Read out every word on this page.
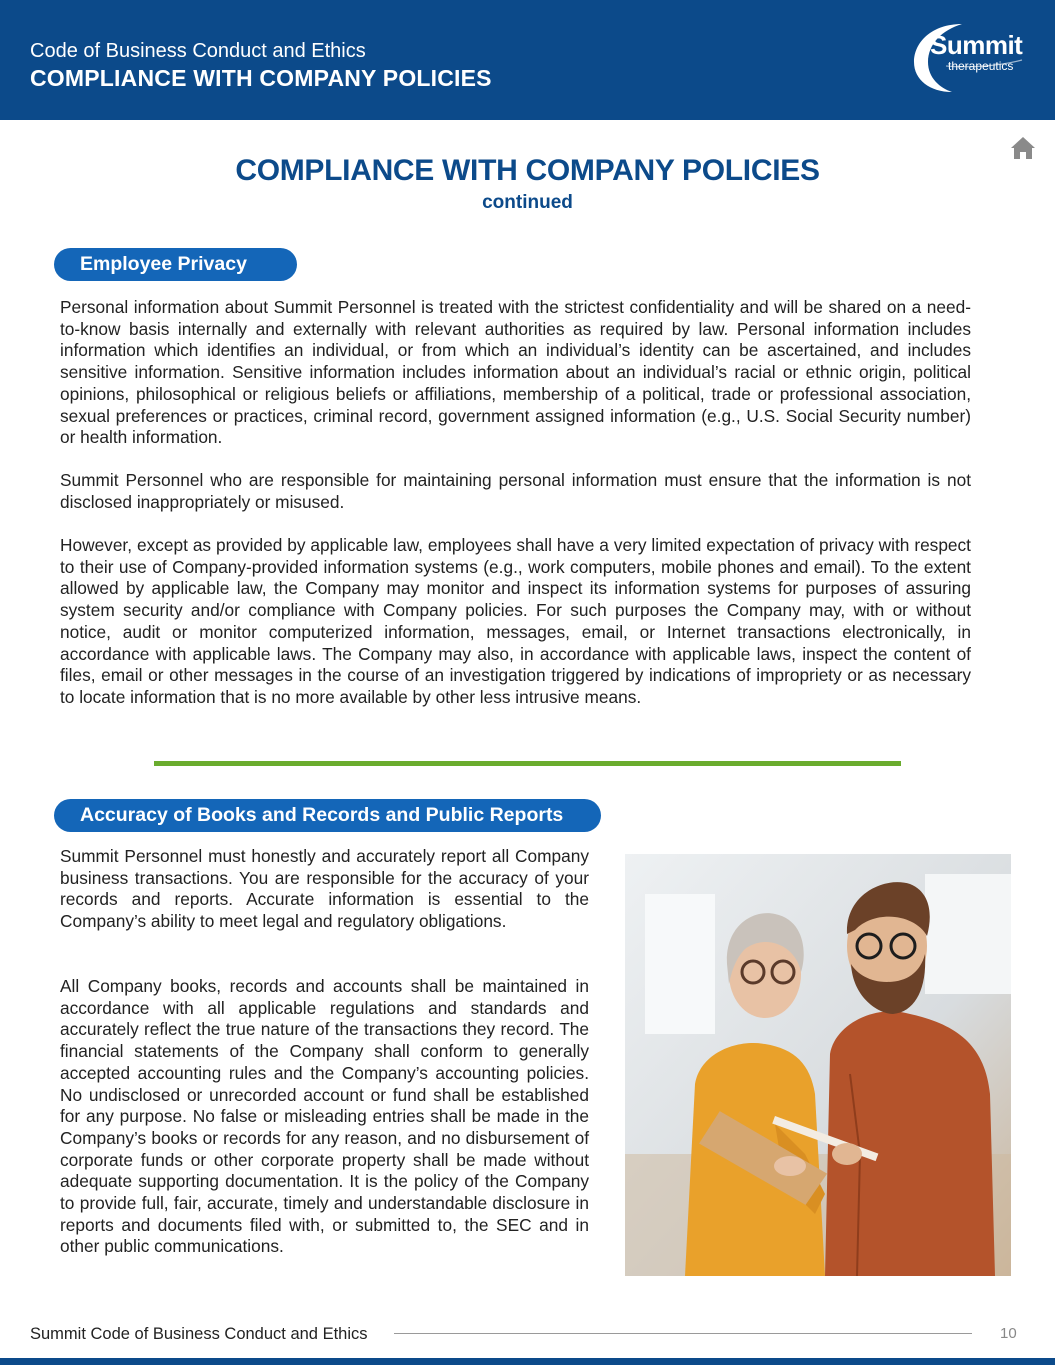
Code of Business Conduct and Ethics
COMPLIANCE WITH COMPANY POLICIES
Summit
therapeutics
COMPLIANCE WITH COMPANY POLICIES
continued
Employee Privacy

Personal information about Summit Personnel is treated with the strictest confidentiality and will be shared on a need-to-know basis internally and externally with relevant authorities as required by law. Personal information includes information which identifies an individual, or from which an individual’s identity can be ascertained, and includes sensitive information. Sensitive information includes information about an individual’s racial or ethnic origin, political opinions, philosophical or religious beliefs or affiliations, membership of a political, trade or professional association, sexual preferences or practices, criminal record, government assigned information (e.g., U.S. Social Security number) or health information.

Summit Personnel who are responsible for maintaining personal information must ensure that the information is not disclosed inappropriately or misused.

However, except as provided by applicable law, employees shall have a very limited expectation of privacy with respect to their use of Company-provided information systems (e.g., work computers, mobile phones and email). To the extent allowed by applicable law, the Company may monitor and inspect its information systems for purposes of assuring system security and/or compliance with Company policies. For such purposes the Company may, with or without notice, audit or monitor computerized information, messages, email, or Internet transactions electronically, in accordance with applicable laws. The Company may also, in accordance with applicable laws, inspect the content of files, email or other messages in the course of an investigation triggered by indications of impropriety or as necessary to locate information that is no more available by other less intrusive means.

Accuracy of Books and Records and Public Reports

Summit Personnel must honestly and accurately report all Company business transactions. You are responsible for the accuracy of your records and reports. Accurate information is essential to the Company’s ability to meet legal and regulatory obligations.

All Company books, records and accounts shall be maintained in accordance with all applicable regulations and standards and accurately reflect the true nature of the transactions they record. The financial statements of the Company shall conform to generally accepted accounting rules and the Company’s accounting policies. No undisclosed or unrecorded account or fund shall be established for any purpose. No false or misleading entries shall be made in the Company’s books or records for any reason, and no disbursement of corporate funds or other corporate property shall be made without adequate supporting documentation. It is the policy of the Company to provide full, fair, accurate, timely and understandable disclosure in reports and documents filed with, or submitted to, the SEC and in other public communications.

Summit Code of Business Conduct and Ethics	10
